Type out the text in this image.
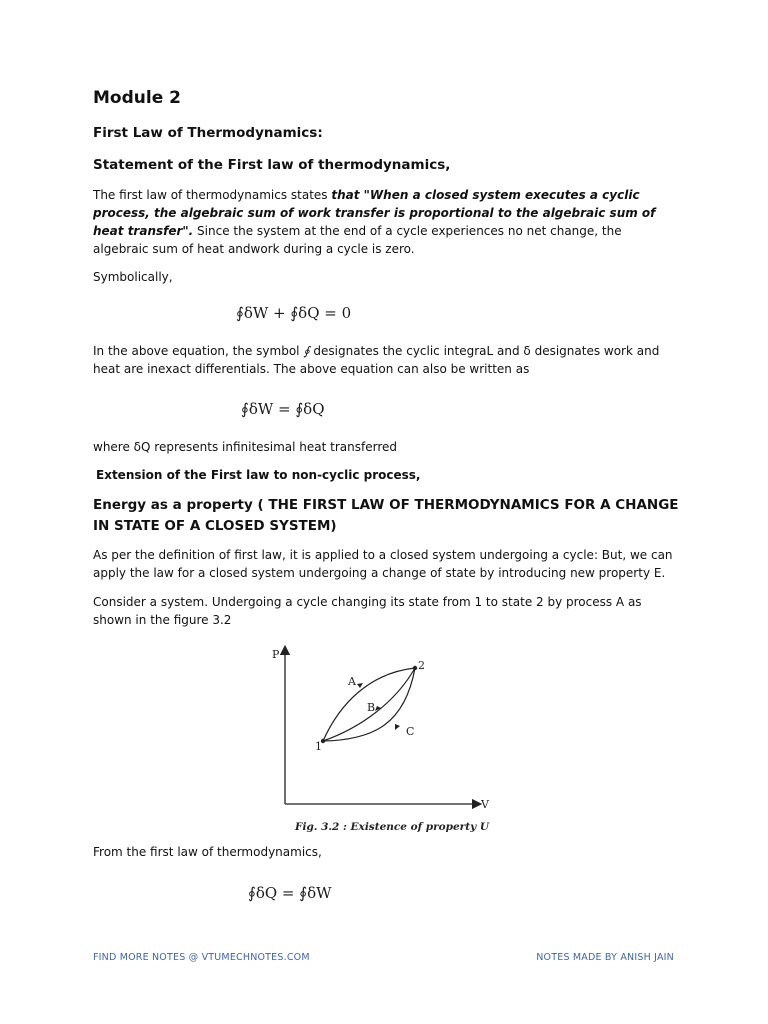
Module 2
First Law of Thermodynamics:
Statement of the First law of thermodynamics,

The first law of thermodynamics states that "When a closed system executes a cyclic process, the algebraic sum of work transfer is proportional to the algebraic sum of heat transfer". Since the system at the end of a cycle experiences no net change, the algebraic sum of heat andwork during a cycle is zero.

Symbolically,

In the above equation, the symbol ∮ designates the cyclic integraL and δ designates work and heat are inexact differentials. The above equation can also be written as

where δQ represents infinitesimal heat transferred

Extension of the First law to non-cyclic process,

Energy as a property ( THE FIRST LAW OF THERMODYNAMICS FOR A CHANGE IN STATE OF A CLOSED SYSTEM)

As per the definition of first law, it is applied to a closed system undergoing a cycle: But, we can apply the law for a closed system undergoing a change of state by introducing new property E.

Consider a system. Undergoing a cycle changing its state from 1 to state 2 by process A as shown in the figure 3.2

From the first law of thermodynamics,

∮δW + ∮δQ = 0
∮δW = ∮δQ
∮δQ = ∮δW
P
V
1
2
A
B
C
Fig. 3.2 : Existence of property U
FIND MORE NOTES @ VTUMECHNOTES.COM	NOTES MADE BY ANISH JAIN
